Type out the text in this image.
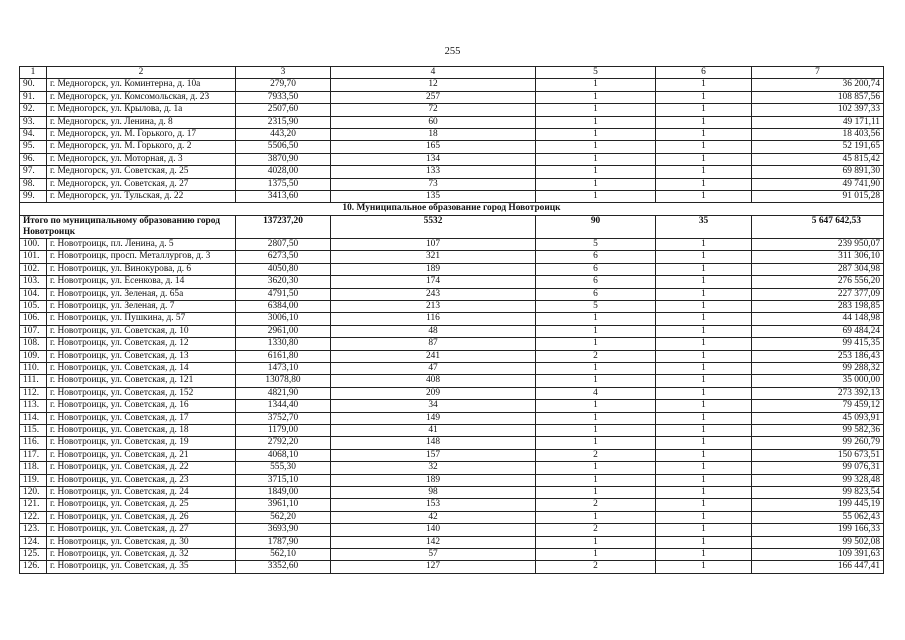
255
1	2	3	4	5	6	7
90.	г. Медногорск, ул. Коминтерна, д. 10а	279,70	12	1	1	36 200,74
91.	г. Медногорск, ул. Комсомольская, д. 23	7933,50	257	1	1	108 857,56
92.	г. Медногорск, ул. Крылова, д. 1а	2507,60	72	1	1	102 397,33
93.	г. Медногорск, ул. Ленина, д. 8	2315,90	60	1	1	49 171,11
94.	г. Медногорск, ул. М. Горького, д. 17	443,20	18	1	1	18 403,56
95.	г. Медногорск, ул. М. Горького, д. 2	5506,50	165	1	1	52 191,65
96.	г. Медногорск, ул. Моторная, д. 3	3870,90	134	1	1	45 815,42
97.	г. Медногорск, ул. Советская, д. 25	4028,00	133	1	1	69 891,30
98.	г. Медногорск, ул. Советская, д. 27	1375,50	73	1	1	49 741,90
99.	г. Медногорск, ул. Тульская, д. 22	3413,60	135	1	1	91 015,28
10. Муниципальное образование город Новотроицк						
Итого по муниципальному образованию город Новотроицк		137237,20	5532	90	35	5 647 642,53
100.	г. Новотроицк, пл. Ленина, д. 5	2807,50	107	5	1	239 950,07
101.	г. Новотроицк, просп. Металлургов, д. 3	6273,50	321	6	1	311 306,10
102.	г. Новотроицк, ул. Винокурова, д. 6	4050,80	189	6	1	287 304,98
103.	г. Новотроицк, ул. Есенкова, д. 14	3620,30	174	6	1	276 556,20
104.	г. Новотроицк, ул. Зеленая, д. 65а	4791,50	243	6	1	227 377,09
105.	г. Новотроицк, ул. Зеленая, д. 7	6384,00	213	5	1	283 198,85
106.	г. Новотроицк, ул. Пушкина, д. 57	3006,10	116	1	1	44 148,98
107.	г. Новотроицк, ул. Советская, д. 10	2961,00	48	1	1	69 484,24
108.	г. Новотроицк, ул. Советская, д. 12	1330,80	87	1	1	99 415,35
109.	г. Новотроицк, ул. Советская, д. 13	6161,80	241	2	1	253 186,43
110.	г. Новотроицк, ул. Советская, д. 14	1473,10	47	1	1	99 288,32
111.	г. Новотроицк, ул. Советская, д. 121	13078,80	408	1	1	35 000,00
112.	г. Новотроицк, ул. Советская, д. 152	4821,90	209	4	1	273 392,13
113.	г. Новотроицк, ул. Советская, д. 16	1344,40	34	1	1	79 459,12
114.	г. Новотроицк, ул. Советская, д. 17	3752,70	149	1	1	45 093,91
115.	г. Новотроицк, ул. Советская, д. 18	1179,00	41	1	1	99 582,36
116.	г. Новотроицк, ул. Советская, д. 19	2792,20	148	1	1	99 260,79
117.	г. Новотроицк, ул. Советская, д. 21	4068,10	157	2	1	150 673,51
118.	г. Новотроицк, ул. Советская, д. 22	555,30	32	1	1	99 076,31
119.	г. Новотроицк, ул. Советская, д. 23	3715,10	189	1	1	99 328,48
120.	г. Новотроицк, ул. Советская, д. 24	1849,00	98	1	1	99 823,54
121.	г. Новотроицк, ул. Советская, д. 25	3961,10	153	2	1	199 445,19
122.	г. Новотроицк, ул. Советская, д. 26	562,20	42	1	1	55 062,43
123.	г. Новотроицк, ул. Советская, д. 27	3693,90	140	2	1	199 166,33
124.	г. Новотроицк, ул. Советская, д. 30	1787,90	142	1	1	99 502,08
125.	г. Новотроицк, ул. Советская, д. 32	562,10	57	1	1	109 391,63
126.	г. Новотроицк, ул. Советская, д. 35	3352,60	127	2	1	166 447,41
